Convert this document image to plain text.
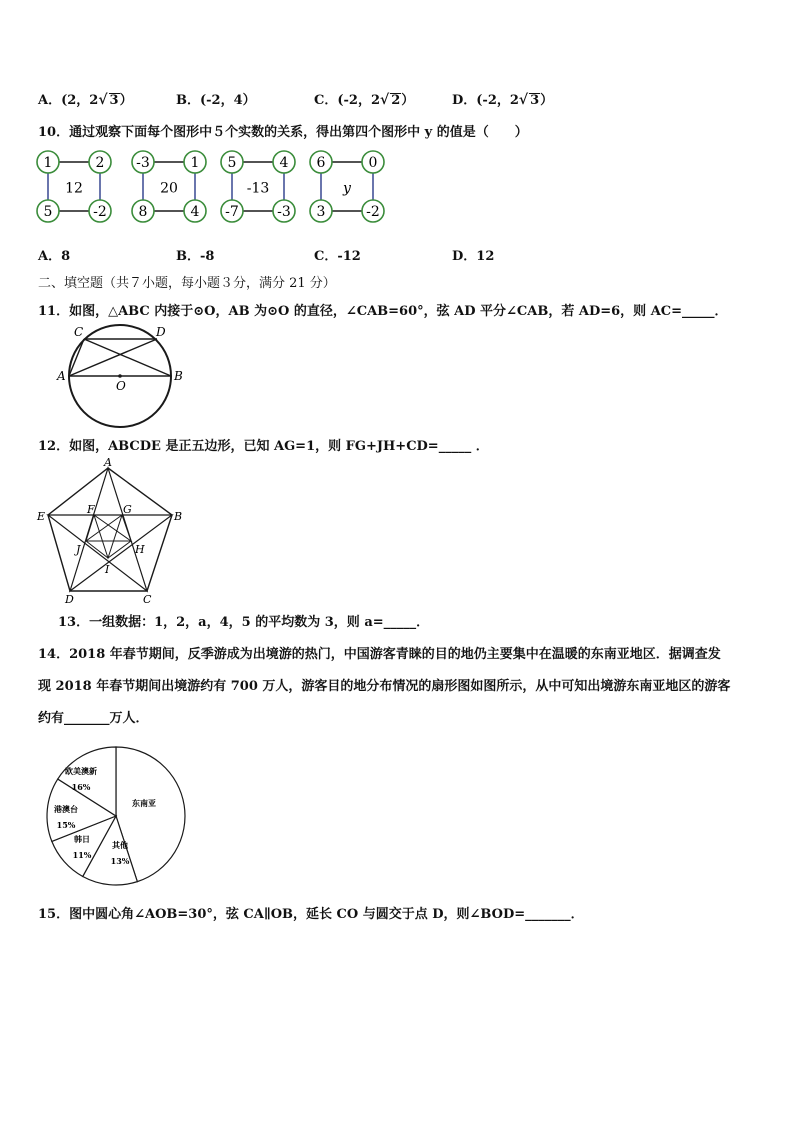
A．(2，2√ 3）	B．(-2，4）	C．(-2，2√ 2）	D．(-2，2√ 3）
10．通过观察下面每个图形中５个实数的关系，得出第四个图形中 y 的值是（　　）
1	2
5	-2
12
-3	1
8	4
20
5	4
-7	-3
-13
6	0
3	-2
y
A．8	B．-8	C．-12	D．12
二、填空题（共７小题，每小题３分，满分 21 分）
11．如图，△ABC 内接于⊙O，AB 为⊙O 的直径，∠CAB=60°，弦 AD 平分∠CAB，若 AD=6，则 AC=_____．
A	B
C	D
O
12．如图，ABCDE 是正五边形，已知 AG=1，则 FG+JH+CD=_____ ．
A
B
C
D
E
F	G
H
I
J
13．一组数据：1，2，a，4，5 的平均数为 3，则 a=_____．
14．2018 年春节期间，反季游成为出境游的热门，中国游客青睐的目的地仍主要集中在温暖的东南亚地区．据调查发
现 2018 年春节期间出境游约有 700 万人，游客目的地分布情况的扇形图如图所示，从中可知出境游东南亚地区的游客
约有_______万人．
东南亚
其他
13%
韩日
11%
港澳台
15%
欧美澳新
16%
15．图中圆心角∠AOB=30°，弦 CA∥OB，延长 CO 与圆交于点 D，则∠BOD=_______．
